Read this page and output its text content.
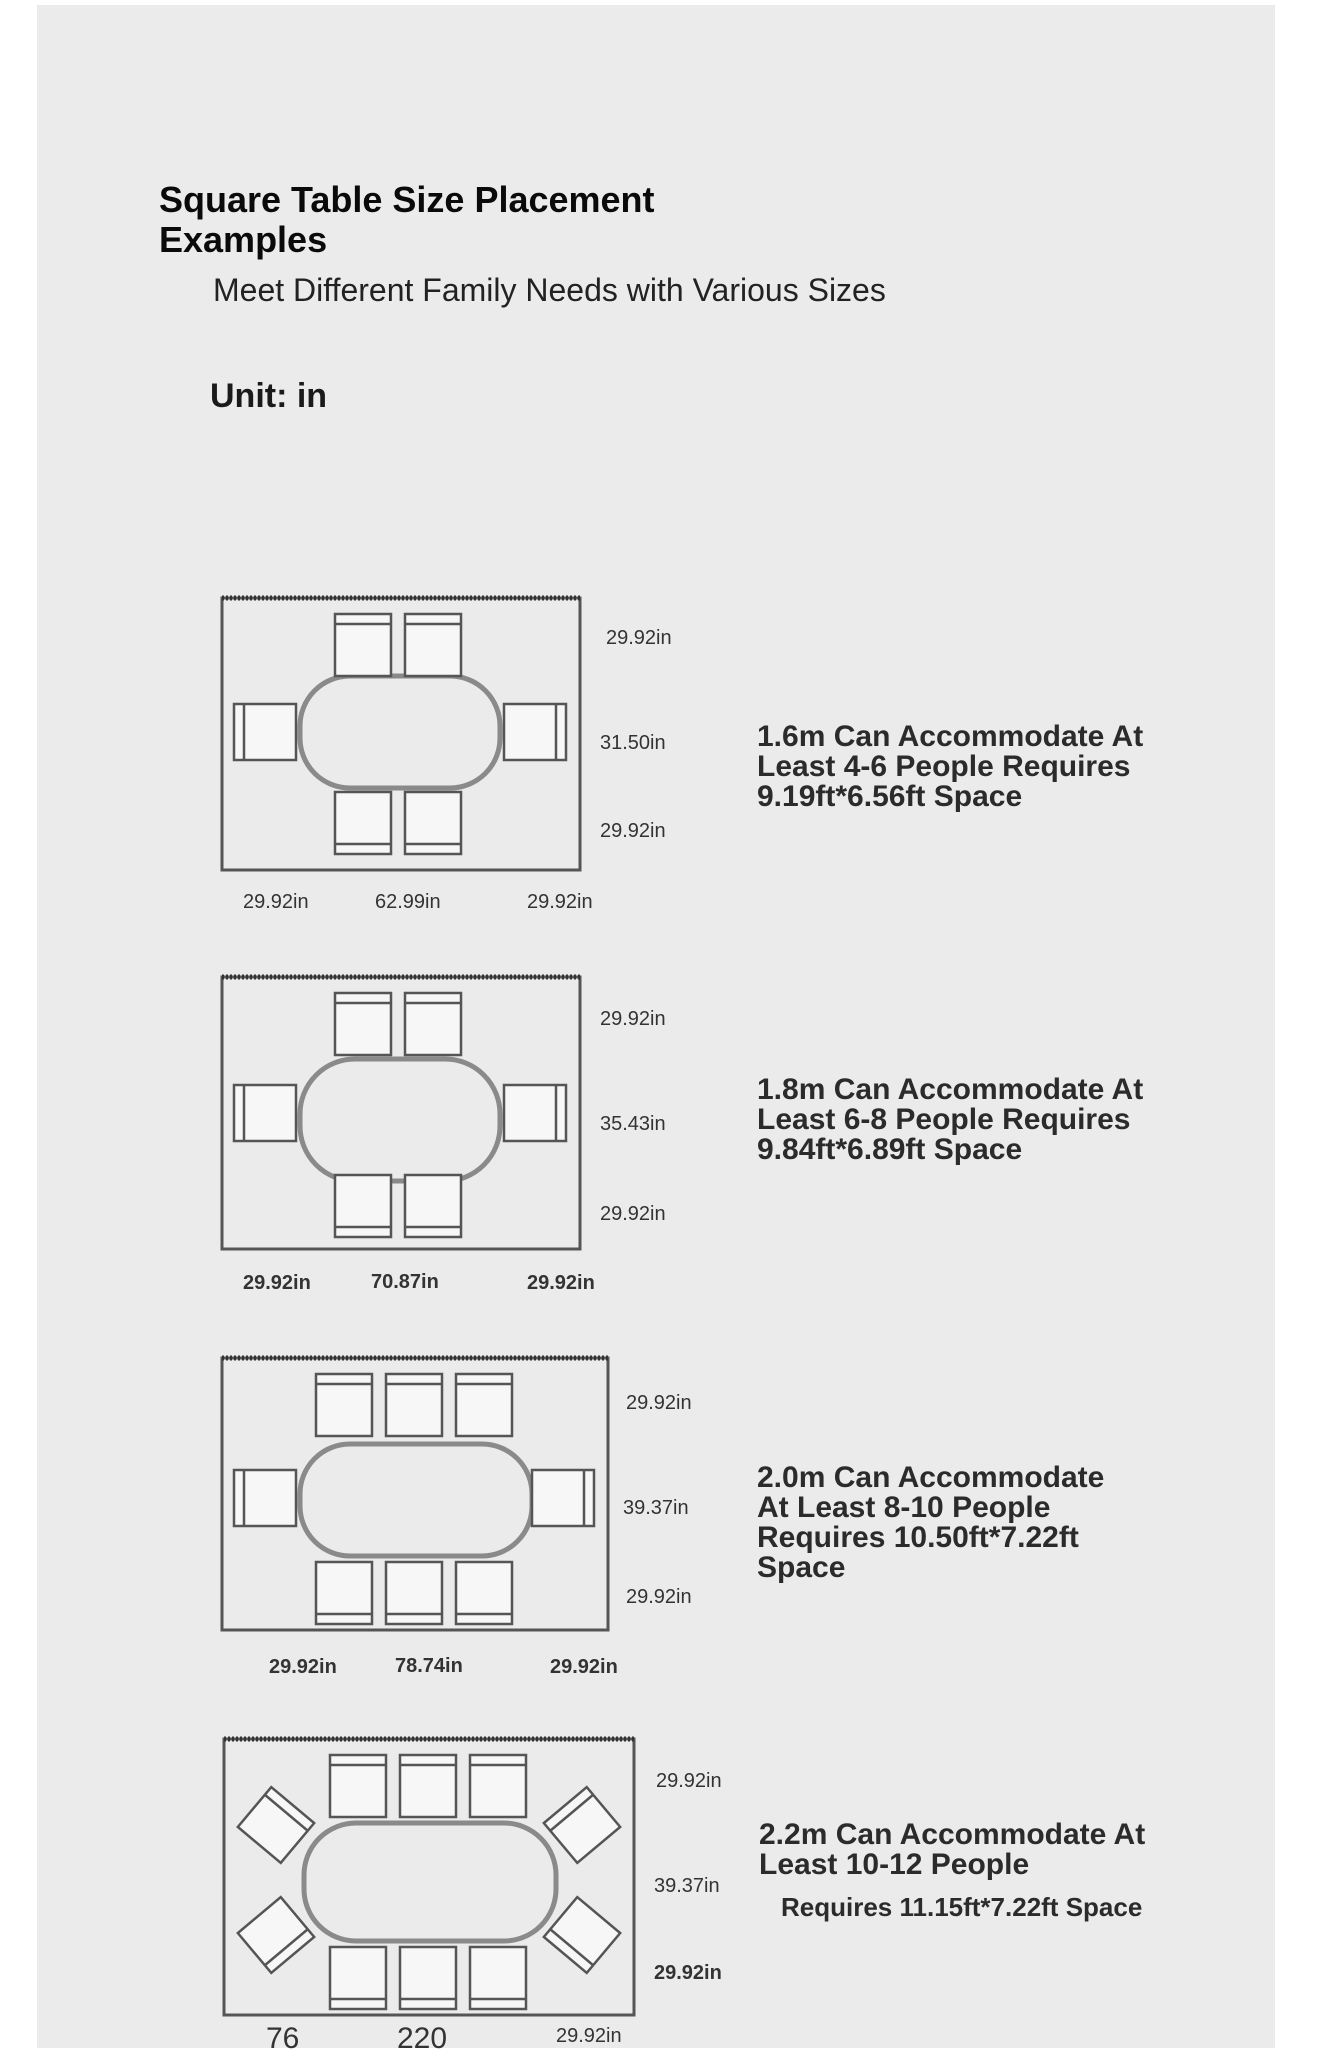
Square Table Size Placement Examples
Meet Different Family Needs with Various Sizes
Unit: in
29.92in
31.50in
29.92in
29.92in	62.99in	29.92in
1.6m Can Accommodate At Least 4-6 People Requires 9.19ft*6.56ft Space
29.92in
35.43in
29.92in
29.92in	70.87in	29.92in
1.8m Can Accommodate At Least 6-8 People Requires 9.84ft*6.89ft Space
29.92in
39.37in
29.92in
29.92in	78.74in	29.92in
2.0m Can Accommodate At Least 8-10 People Requires 10.50ft*7.22ft Space
29.92in
39.37in
29.92in
76	220	29.92in
2.2m Can Accommodate At Least 10-12 People
Requires 11.15ft*7.22ft Space
